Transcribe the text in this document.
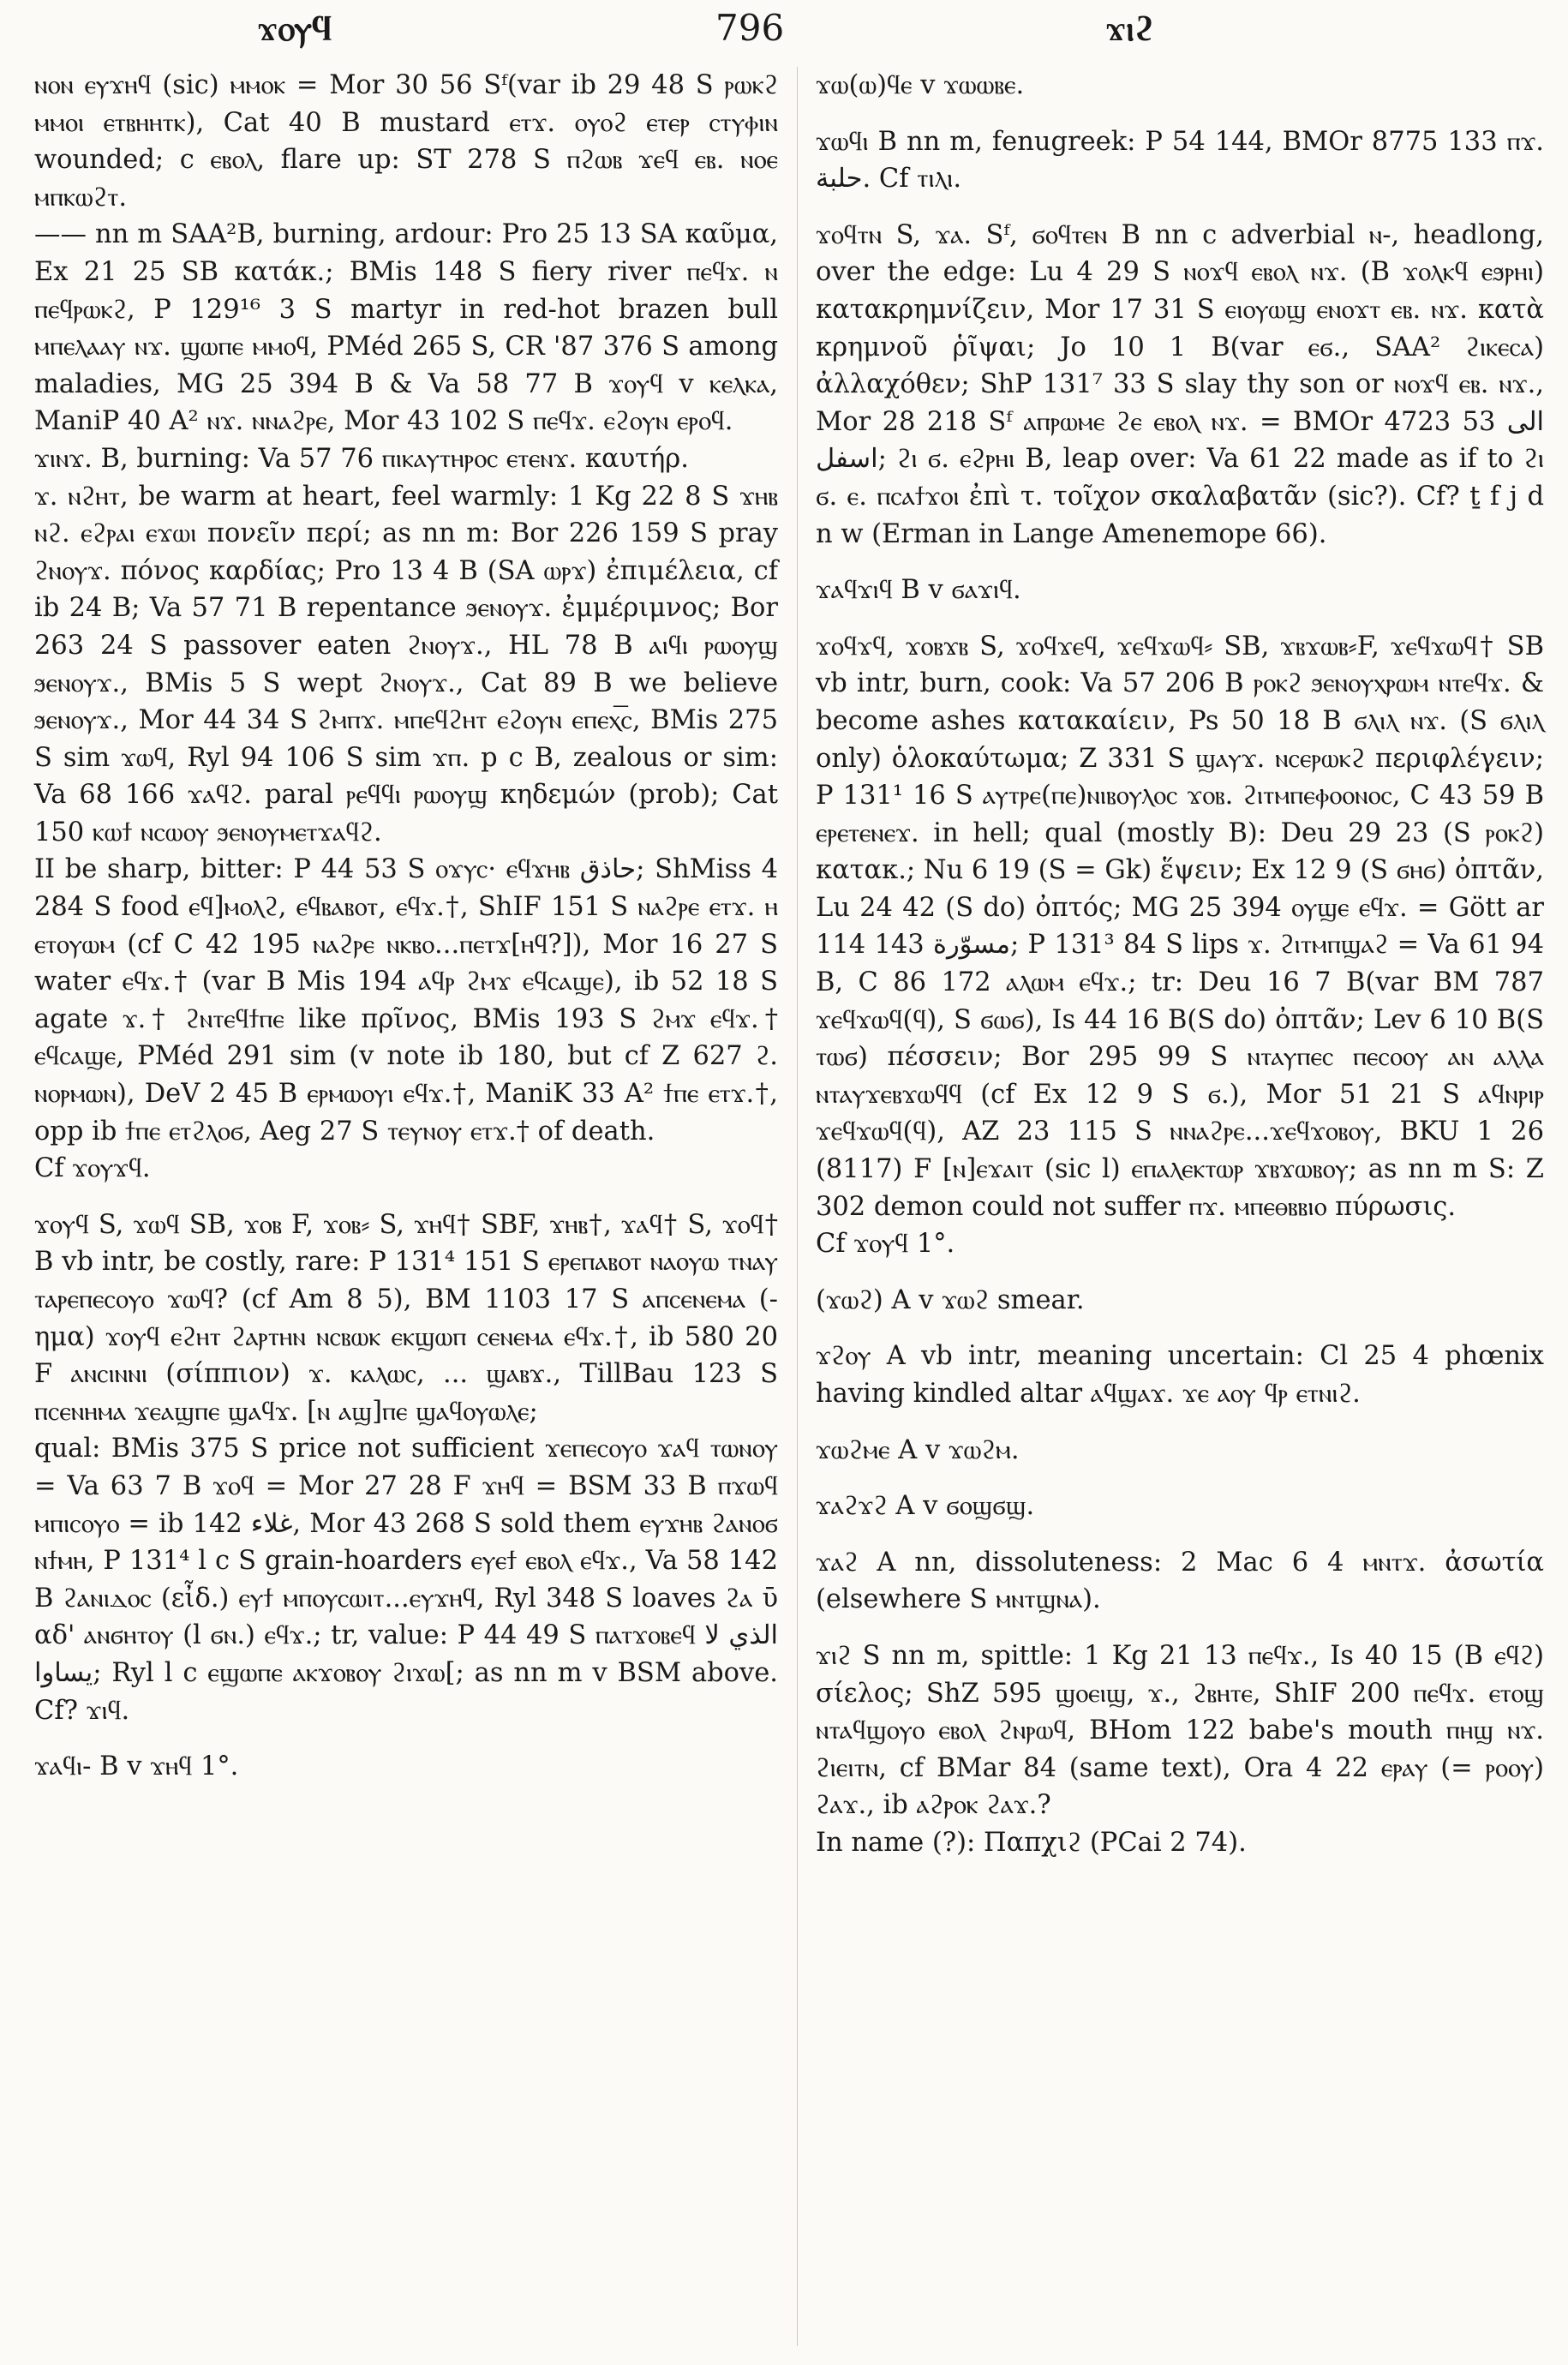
ϫⲟⲩϥ	796	ϫⲓϩ

ⲛⲟⲛ ⲉⲩϫⲏϥ (sic) ⲙⲙⲟⲕ = Mor 30 56 Sᶠ(var ib 29 48 S ⲣⲱⲕϩ ⲙⲙⲟⲓ ⲉⲧⲃⲏⲏⲧⲕ), Cat 40 B mustard ⲉⲧϫ. ⲟⲩⲟϩ ⲉⲧⲉⲣ ⲥⲧⲩⲫⲓⲛ wounded; c ⲉⲃⲟⲗ, flare up: ST 278 S ⲡϩⲱⲃ ϫⲉϥ ⲉⲃ. ⲛⲟⲉ ⲙⲡⲕⲱϩⲧ.

—— nn m SAA²B, burning, ardour: Pro 25 13 SA καῦμα, Ex 21 25 SB κατάκ.; BMis 148 S fiery river ⲡⲉϥϫ. ⲛ ⲡⲉϥⲣⲱⲕϩ, P 129¹⁶ 3 S martyr in red-hot brazen bull ⲙⲡⲉⲗⲁⲁⲩ ⲛϫ. ϣⲱⲡⲉ ⲙⲙⲟϥ, PMéd 265 S, CR '87 376 S among maladies, MG 25 394 B & Va 58 77 B ϫⲟⲩϥ v ⲕⲉⲗⲕⲁ, ManiP 40 A² ⲛϫ. ⲛⲛⲁϩⲣⲉ, Mor 43 102 S ⲡⲉϥϫ. ⲉϩⲟⲩⲛ ⲉⲣⲟϥ.

ϫⲓⲛϫ. B, burning: Va 57 76 ⲡⲓⲕⲁⲩⲧⲏⲣⲟⲥ ⲉⲧⲉⲛϫ. καυτήρ.

ϫ. ⲛϩⲏⲧ, be warm at heart, feel warmly: 1 Kg 22 8 S ϫⲏⲃ ⲛϩ. ⲉϩⲣⲁⲓ ⲉϫⲱⲓ πονεῖν περί; as nn m: Bor 226 159 S pray ϩⲛⲟⲩϫ. πόνος καρδίας; Pro 13 4 B (SA ⲱⲣϫ) ἐπιμέλεια, cf ib 24 B; Va 57 71 B repentance ϧⲉⲛⲟⲩϫ. ἐμμέριμνος; Bor 263 24 S passover eaten ϩⲛⲟⲩϫ., HL 78 B ⲁⲓϥⲓ ⲣⲱⲟⲩϣ ϧⲉⲛⲟⲩϫ., BMis 5 S wept ϩⲛⲟⲩϫ., Cat 89 B we believe ϧⲉⲛⲟⲩϫ., Mor 44 34 S ϩⲙⲡϫ. ⲙⲡⲉϥϩⲏⲧ ⲉϩⲟⲩⲛ ⲉⲡⲉⲭ͞ⲥ, BMis 275 S sim ϫⲱϥ, Ryl 94 106 S sim ϫⲡ. p c B, zealous or sim: Va 68 166 ϫⲁϥϩ. paral ⲣⲉϥϥⲓ ⲣⲱⲟⲩϣ κηδεμών (prob); Cat 150 ⲕⲱϯ ⲛⲥⲱⲟⲩ ϧⲉⲛⲟⲩⲙⲉⲧϫⲁϥϩ.

II be sharp, bitter: P 44 53 S ⲟϫⲩⲥ· ⲉϥϫⲏⲃ حاذق; ShMiss 4 284 S food ⲉϥ]ⲙⲟⲗϩ, ⲉϥⲃⲁⲃⲟⲧ, ⲉϥϫ.†, ShIF 151 S ⲛⲁϩⲣⲉ ⲉⲧϫ. ⲏ ⲉⲧⲟⲩⲱⲙ (cf C 42 195 ⲛⲁϩⲣⲉ ⲛⲕⲃⲟ...ⲡⲉⲧϫ[ⲏϥ?]), Mor 16 27 S water ⲉϥϫ.† (var B Mis 194 ⲁϥⲣ ϩⲙϫ ⲉϥⲥⲁϣⲉ), ib 52 18 S agate ϫ.† ϩⲛⲧⲉϥϯⲡⲉ like πρῖνος, BMis 193 S ϩⲙϫ ⲉϥϫ.† ⲉϥⲥⲁϣⲉ, PMéd 291 sim (v note ib 180, but cf Z 627 ϩ. ⲛⲟⲣⲙⲱⲛ), DeV 2 45 B ⲉⲣⲙⲱⲟⲩⲓ ⲉϥϫ.†, ManiK 33 A² ϯⲡⲉ ⲉⲧϫ.†, opp ib ϯⲡⲉ ⲉⲧϩⲗⲟϭ, Aeg 27 S ⲧⲉⲩⲛⲟⲩ ⲉⲧϫ.† of death.

Cf ϫⲟⲩϫϥ.

ϫⲟⲩϥ S, ϫⲱϥ SB, ϫⲟⲃ F, ϫⲟⲃ⸗ S, ϫⲏϥ† SBF, ϫⲏⲃ†, ϫⲁϥ† S, ϫⲟϥ† B vb intr, be costly, rare: P 131⁴ 151 S ⲉⲣⲉⲡⲁⲃⲟⲧ ⲛⲁⲟⲩⲱ ⲧⲛⲁⲩ ⲧⲁⲣⲉⲡⲉⲥⲟⲩⲟ ϫⲱϥ? (cf Am 8 5), BM 1103 17 S ⲁⲡⲥⲉⲛⲉⲙⲁ (-ημα) ϫⲟⲩϥ ⲉϩⲏⲧ ϩⲁⲣⲧⲏⲛ ⲛⲥⲃⲱⲕ ⲉⲕϣⲱⲡ ⲥⲉⲛⲉⲙⲁ ⲉϥϫ.†, ib 580 20 F ⲁⲛⲥⲓⲛⲛⲓ (σίππιον) ϫ. ⲕⲁⲗⲱⲥ, ... ϣⲁⲃϫ., TillBau 123 S ⲡⲥⲉⲛⲏⲙⲁ ϫⲉⲁϣⲡⲉ ϣⲁϥϫ. [ⲛ ⲁϣ]ⲡⲉ ϣⲁϥⲟⲩⲱⲗⲉ;

qual: BMis 375 S price not sufficient ϫⲉⲡⲉⲥⲟⲩⲟ ϫⲁϥ ⲧⲱⲛⲟⲩ = Va 63 7 B ϫⲟϥ = Mor 27 28 F ϫⲏϥ = BSM 33 B ⲡϫⲱϥ ⲙⲡⲓⲥⲟⲩⲟ = ib 142 غلاء, Mor 43 268 S sold them ⲉⲩϫⲏⲃ ϩⲁⲛⲟϭ ⲛϯⲙⲏ, P 131⁴ l c S grain-hoarders ⲉⲩⲉϯ ⲉⲃⲟⲗ ⲉϥϫ., Va 58 142 B ϩⲁⲛⲓⲇⲟⲥ (εἶδ.) ⲉⲩϯ ⲙⲡⲟⲩⲥⲱⲓⲧ...ⲉⲩϫⲏϥ, Ryl 348 S loaves ϩⲁ ῡ αδ' ⲁⲛϭⲏⲧⲟⲩ (l ϭⲛ.) ⲉϥϫ.; tr, value: P 44 49 S ⲡⲁⲧϫⲟⲃⲉϥ الذي لا يساوا; Ryl l c ⲉϣⲱⲡⲉ ⲁⲕϫⲟⲃⲟⲩ ϩⲓϫⲱ[; as nn m v BSM above. Cf? ϫⲓϥ.

ϫⲁϥⲓ- B v ϫⲏϥ 1°.

ϫⲱ(ⲱ)ϥⲉ v ϫⲱⲱⲃⲉ.

ϫⲱϥⲓ B nn m, fenugreek: P 54 144, BMOr 8775 133 ⲡϫ. حلبة. Cf ⲧⲓⲗⲓ.

ϫⲟϥⲧⲛ S, ϫⲁ. Sᶠ, ϭⲟϥⲧⲉⲛ B nn c adverbial ⲛ-, headlong, over the edge: Lu 4 29 S ⲛⲟϫϥ ⲉⲃⲟⲗ ⲛϫ. (B ϫⲟⲗⲕϥ ⲉϧⲣⲏⲓ) κατακρημνίζειν, Mor 17 31 S ⲉⲓⲟⲩⲱϣ ⲉⲛⲟϫⲧ ⲉⲃ. ⲛϫ. κατὰ κρημνοῦ ῥῖψαι; Jo 10 1 B(var ⲉϭ., SAA² ϩⲓⲕⲉⲥⲁ) ἀλλαχόθεν; ShP 131⁷ 33 S slay thy son or ⲛⲟϫϥ ⲉⲃ. ⲛϫ., Mor 28 218 Sᶠ ⲁⲡⲣⲱⲙⲉ ϩⲉ ⲉⲃⲟⲗ ⲛϫ. = BMOr 4723 53 الى اسفل; ϩⲓ ϭ. ⲉϩⲣⲏⲓ B, leap over: Va 61 22 made as if to ϩⲓ ϭ. ⲉ. ⲡⲥⲁϯϫⲟⲓ ἐπὶ τ. τοῖχον σκαλαβατᾶν (sic?). Cf? ṯ f j d n w (Erman in Lange Amenemope 66).

ϫⲁϥϫⲓϥ B v ϭⲁϫⲓϥ.

ϫⲟϥϫϥ, ϫⲟⲃϫⲃ S, ϫⲟϥϫⲉϥ, ϫⲉϥϫⲱϥ⸗ SB, ϫⲃϫⲱⲃ⸗F, ϫⲉϥϫⲱϥ† SB vb intr, burn, cook: Va 57 206 B ⲣⲟⲕϩ ϧⲉⲛⲟⲩⲭⲣⲱⲙ ⲛⲧⲉϥϫ. & become ashes κατακαίειν, Ps 50 18 B ϭⲗⲓⲗ ⲛϫ. (S ϭⲗⲓⲗ only) ὁλοκαύτωμα; Z 331 S ϣⲁⲩϫ. ⲛⲥⲉⲣⲱⲕϩ περιφλέγειν; P 131¹ 16 S ⲁⲩⲧⲣⲉ(ⲡⲉ)ⲛⲓⲃⲟⲩⲗⲟⲥ ϫⲟⲃ. ϩⲓⲧⲙⲡⲉⲫⲟⲟⲛⲟⲥ, C 43 59 B ⲉⲣⲉⲧⲉⲛⲉϫ. in hell; qual (mostly B): Deu 29 23 (S ⲣⲟⲕϩ) κατακ.; Nu 6 19 (S = Gk) ἕψειν; Ex 12 9 (S ϭⲏϭ) ὀπτᾶν, Lu 24 42 (S do) ὀπτός; MG 25 394 ⲟⲩϣⲉ ⲉϥϫ. = Gött ar 114 143 مسوّرة; P 131³ 84 S lips ϫ. ϩⲓⲧⲙⲡϣⲁϩ = Va 61 94 B, C 86 172 ⲁⲗⲱⲙ ⲉϥϫ.; tr: Deu 16 7 B(var BM 787 ϫⲉϥϫⲱϥ(ϥ), S ϭⲱϭ), Is 44 16 B(S do) ὀπτᾶν; Lev 6 10 B(S ⲧⲱϭ) πέσσειν; Bor 295 99 S ⲛⲧⲁⲩⲡⲉⲥ ⲡⲉⲥⲟⲟⲩ ⲁⲛ ⲁⲗⲗⲁ ⲛⲧⲁⲩϫⲉⲃϫⲱϥϥ (cf Ex 12 9 S ϭ.), Mor 51 21 S ⲁϥⲛⲣⲓⲣ ϫⲉϥϫⲱϥ(ϥ), AZ 23 115 S ⲛⲛⲁϩⲣⲉ...ϫⲉϥϫⲟⲃⲟⲩ, BKU 1 26 (8117) F [ⲛ]ⲉϫⲁⲓⲧ (sic l) ⲉⲡⲁⲗⲉⲕⲧⲱⲣ ϫⲃϫⲱⲃⲟⲩ; as nn m S: Z 302 demon could not suffer ⲡϫ. ⲙⲡⲉⲑⲃⲃⲓⲟ πύρωσις.

Cf ϫⲟⲩϥ 1°.

(ϫⲱϩ) A v ϫⲱϩ smear.

ϫϩⲟⲩ A vb intr, meaning uncertain: Cl 25 4 phœnix having kindled altar ⲁϥϣⲁϫ. ϫⲉ ⲁⲟⲩ ϥⲣ ⲉⲧⲛⲓϩ.

ϫⲱϩⲙⲉ A v ϫⲱϩⲙ.

ϫⲁϩϫϩ A v ϭⲟϣϭϣ.

ϫⲁϩ A nn, dissoluteness: 2 Mac 6 4 ⲙⲛⲧϫ. ἀσωτία (elsewhere S ⲙⲛⲧϣⲛⲁ).

ϫⲓϩ S nn m, spittle: 1 Kg 21 13 ⲡⲉϥϫ., Is 40 15 (B ⲉϥϩ) σίελος; ShZ 595 ϣⲟⲉⲓϣ, ϫ., ϩⲃⲏⲧⲉ, ShIF 200 ⲡⲉϥϫ. ⲉⲧⲟϣ ⲛⲧⲁϥϣⲟⲩⲟ ⲉⲃⲟⲗ ϩⲛⲣⲱϥ, BHom 122 babe's mouth ⲡⲏϣ ⲛϫ. ϩⲓⲉⲓⲧⲛ, cf BMar 84 (same text), Ora 4 22 ⲉⲣⲁⲩ (= ⲣⲟⲟⲩ) ϩⲁϫ., ib ⲁϩⲣⲟⲕ ϩⲁϫ.?

In name (?): Παπχιϩ (PCai 2 74).
